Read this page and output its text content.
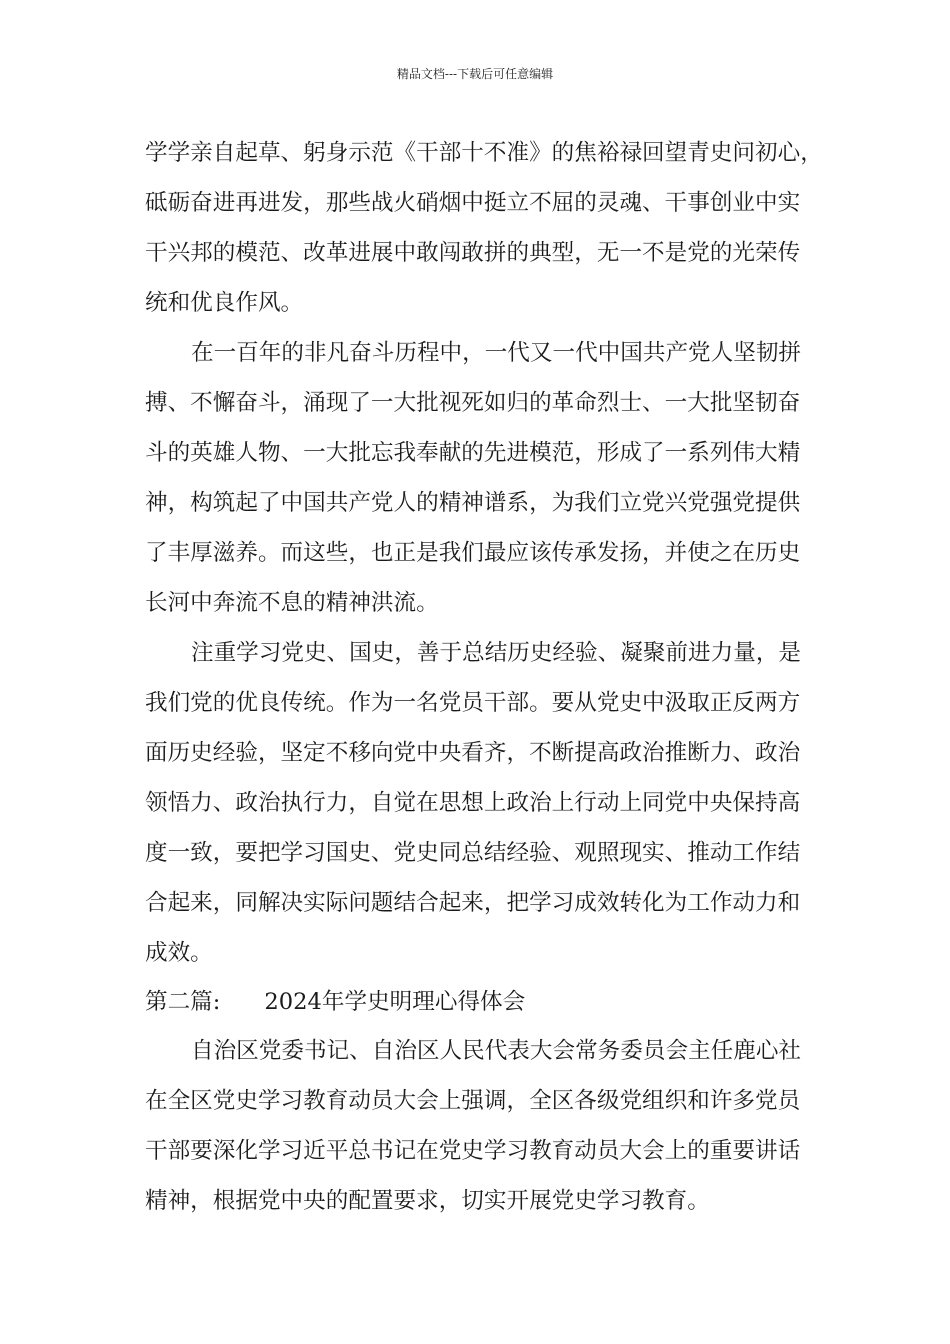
精品文档---下载后可任意编辑
学学亲自起草、躬身示范《干部十不准》的焦裕禄回望青史问初心，
砥砺奋进再进发，那些战火硝烟中挺立不屈的灵魂、干事创业中实
干兴邦的模范、改革进展中敢闯敢拼的典型，无一不是党的光荣传
统和优良作风。
在一百年的非凡奋斗历程中，一代又一代中国共产党人坚韧拼
搏、不懈奋斗，涌现了一大批视死如归的革命烈士、一大批坚韧奋
斗的英雄人物、一大批忘我奉献的先进模范，形成了一系列伟大精
神，构筑起了中国共产党人的精神谱系，为我们立党兴党强党提供
了丰厚滋养。而这些，也正是我们最应该传承发扬，并使之在历史
长河中奔流不息的精神洪流。
注重学习党史、国史，善于总结历史经验、凝聚前进力量，是
我们党的优良传统。作为一名党员干部。要从党史中汲取正反两方
面历史经验，坚定不移向党中央看齐，不断提高政治推断力、政治
领悟力、政治执行力，自觉在思想上政治上行动上同党中央保持高
度一致，要把学习国史、党史同总结经验、观照现实、推动工作结
合起来，同解决实际问题结合起来，把学习成效转化为工作动力和
成效。
第二篇: 2024年学史明理心得体会
自治区党委书记、自治区人民代表大会常务委员会主任鹿心社
在全区党史学习教育动员大会上强调，全区各级党组织和许多党员
干部要深化学习近平总书记在党史学习教育动员大会上的重要讲话
精神，根据党中央的配置要求，切实开展党史学习教育。
